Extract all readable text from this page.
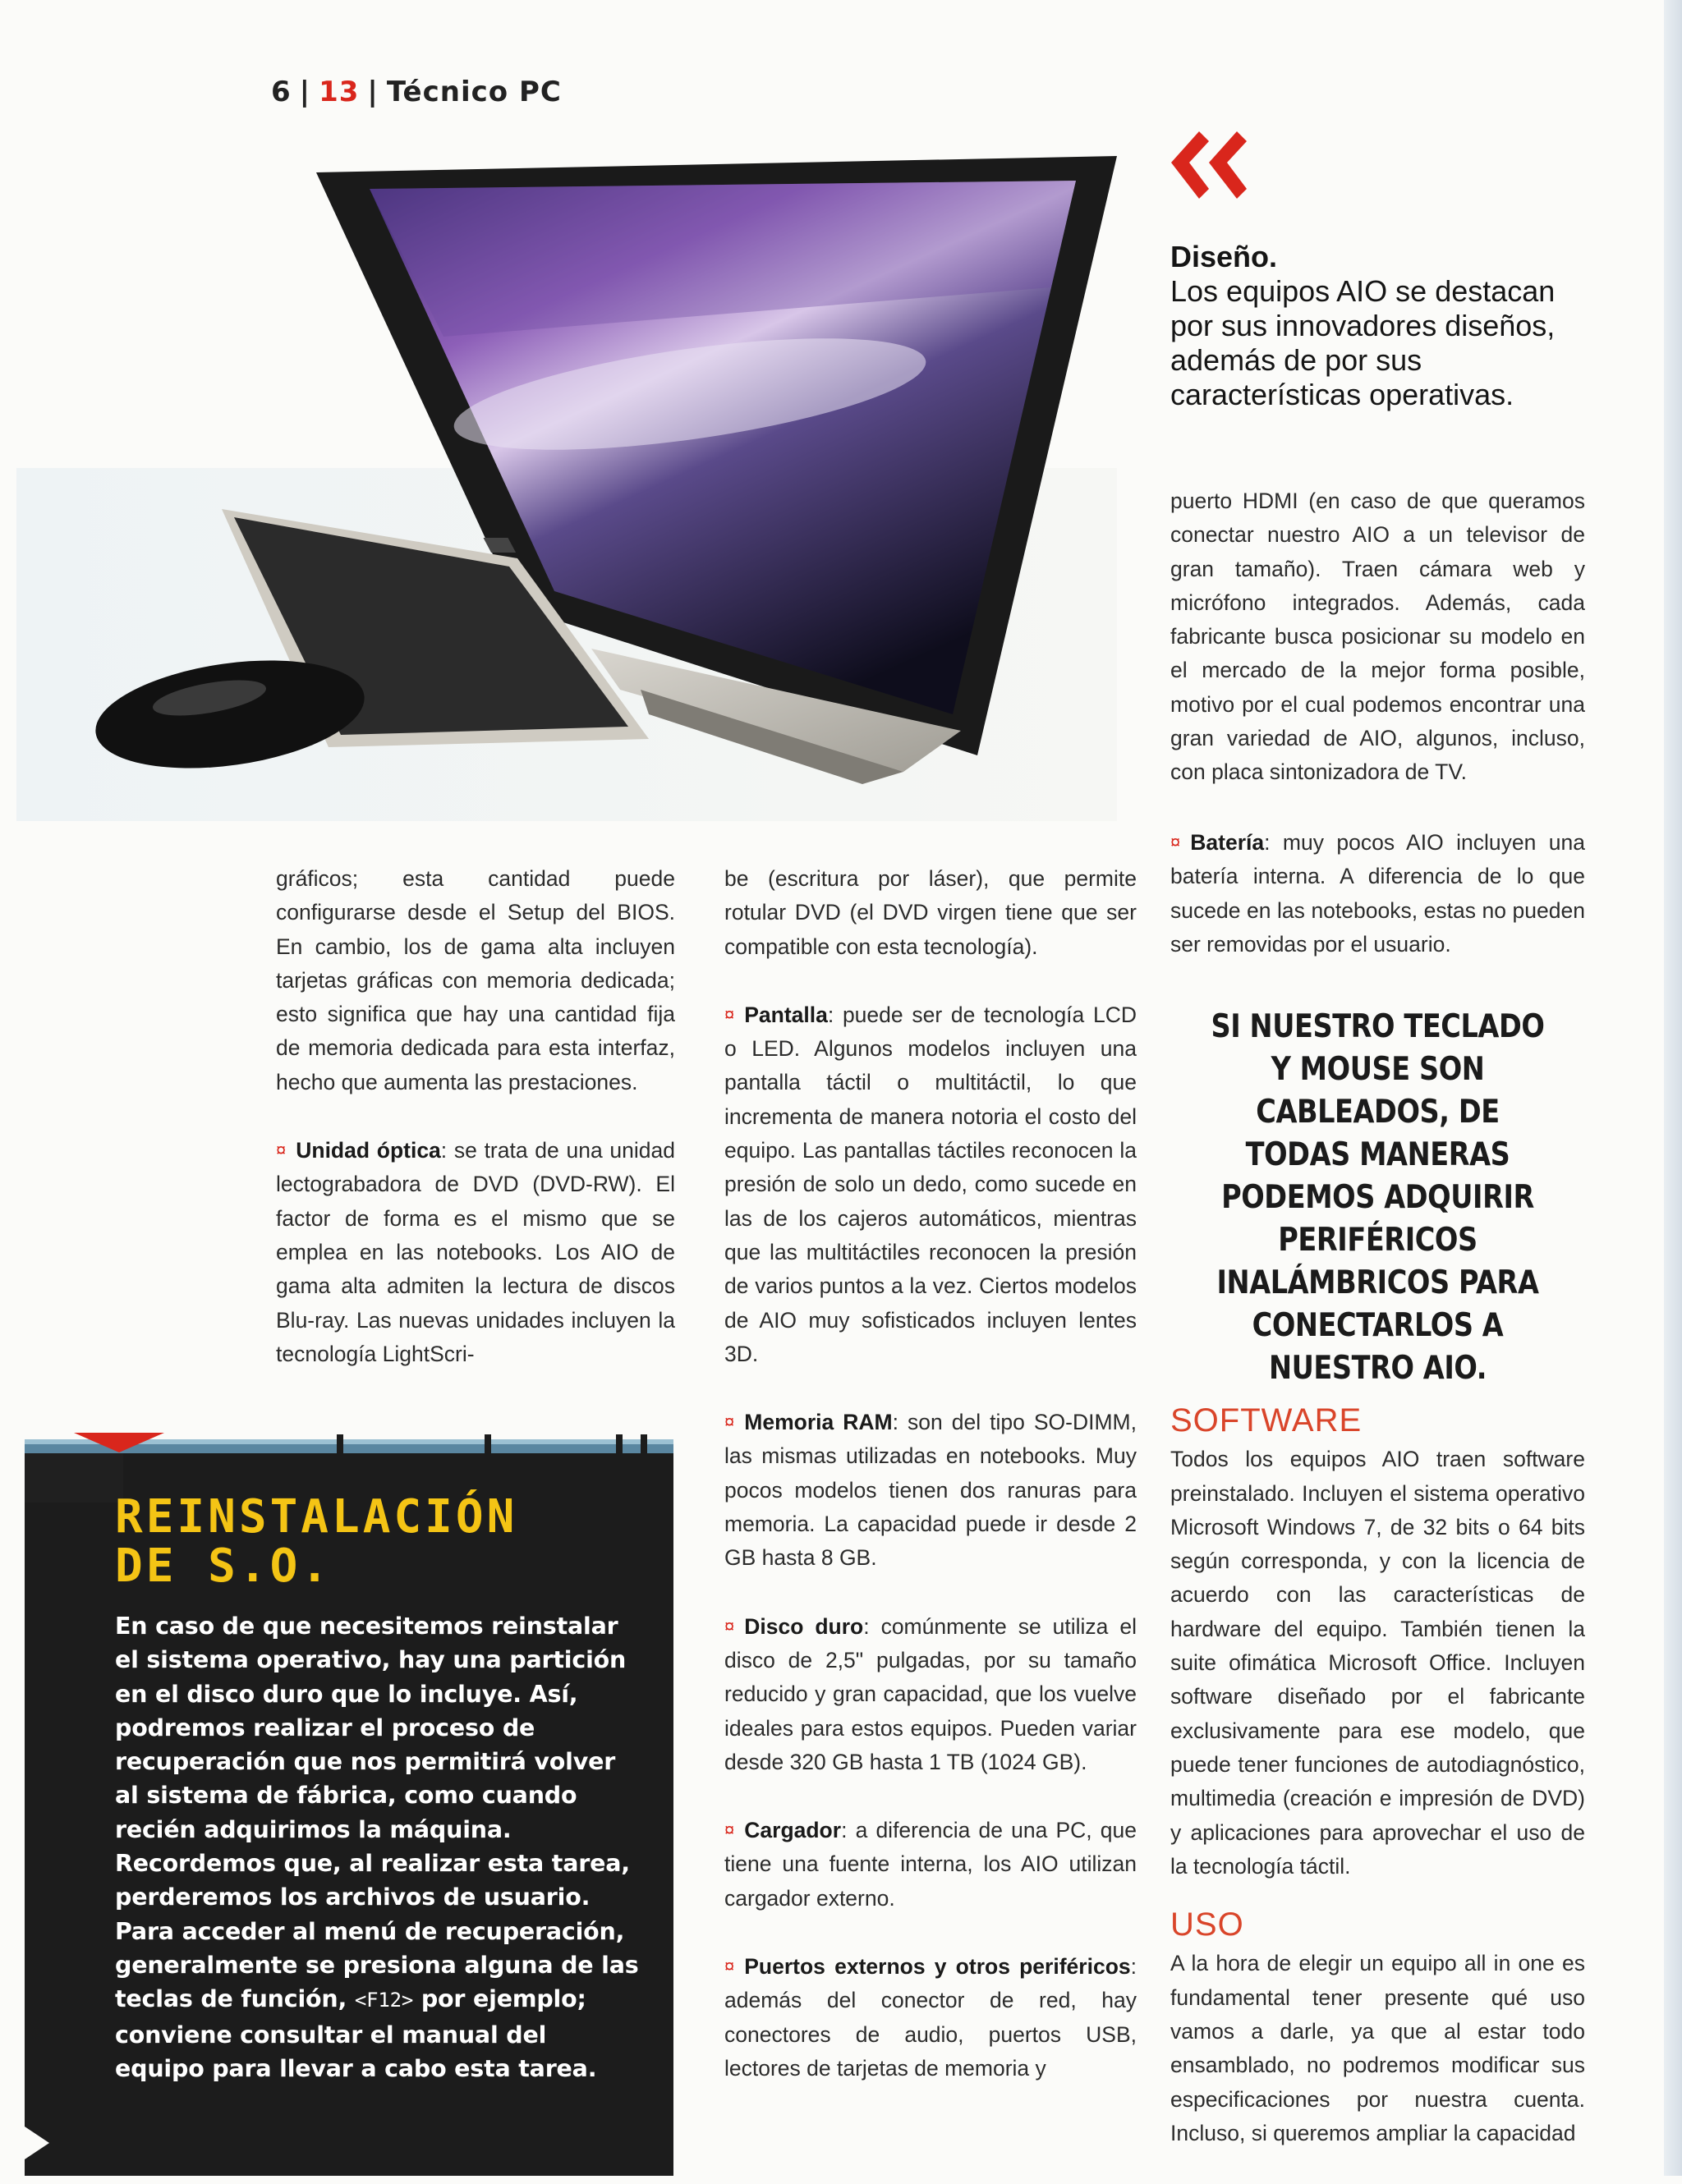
6 | 13 | Técnico PC
Diseño.
Los equipos AIO se destacan por sus innovadores diseños, además de por sus características operativas.

gráficos; esta cantidad puede configurarse desde el Setup del BIOS. En cambio, los de gama alta incluyen tarjetas gráficas con memoria dedicada; esto significa que hay una cantidad fija de memoria dedicada para esta interfaz, hecho que aumenta las prestaciones.

¤ Unidad óptica: se trata de una unidad lectograbadora de DVD (DVD-RW). El factor de forma es el mismo que se emplea en las notebooks. Los AIO de gama alta admiten la lectura de discos Blu-ray. Las nuevas unidades incluyen la tecnología LightScri-

be (escritura por láser), que permite rotular DVD (el DVD virgen tiene que ser compatible con esta tecnología).

¤ Pantalla: puede ser de tecnología LCD o LED. Algunos modelos incluyen una pantalla táctil o multitáctil, lo que incrementa de manera notoria el costo del equipo. Las pantallas táctiles reconocen la presión de solo un dedo, como sucede en las de los cajeros automáticos, mientras que las multitáctiles reconocen la presión de varios puntos a la vez. Ciertos modelos de AIO muy sofisticados incluyen lentes 3D.

¤ Memoria RAM: son del tipo SO-DIMM, las mismas utilizadas en notebooks. Muy pocos modelos tienen dos ranuras para memoria. La capacidad puede ir desde 2 GB hasta 8 GB.

¤ Disco duro: comúnmente se utiliza el disco de 2,5" pulgadas, por su tamaño reducido y gran capacidad, que los vuelve ideales para estos equipos. Pueden variar desde 320 GB hasta 1 TB (1024 GB).

¤ Cargador: a diferencia de una PC, que tiene una fuente interna, los AIO utilizan cargador externo.

¤ Puertos externos y otros periféricos: además del conector de red, hay conectores de audio, puertos USB, lectores de tarjetas de memoria y

puerto HDMI (en caso de que queramos conectar nuestro AIO a un televisor de gran tamaño). Traen cámara web y micrófono integrados. Además, cada fabricante busca posicionar su modelo en el mercado de la mejor forma posible, motivo por el cual podemos encontrar una gran variedad de AIO, algunos, incluso, con placa sintonizadora de TV.

¤ Batería: muy pocos AIO incluyen una batería interna. A diferencia de lo que sucede en las notebooks, estas no pueden ser removidas por el usuario.

SI NUESTRO TECLADO Y MOUSE SON CABLEADOS, DE TODAS MANERAS PODEMOS ADQUIRIR PERIFÉRICOS INALÁMBRICOS PARA CONECTARLOS A NUESTRO AIO.
SOFTWARE

Todos los equipos AIO traen software preinstalado. Incluyen el sistema operativo Microsoft Windows 7, de 32 bits o 64 bits según corresponda, y con la licencia de acuerdo con las características de hardware del equipo. También tienen la suite ofimática Microsoft Office. Incluyen software diseñado por el fabricante exclusivamente para ese modelo, que puede tener funciones de autodiagnóstico, multimedia (creación e impresión de DVD) y aplicaciones para aprovechar el uso de la tecnología táctil.

USO

A la hora de elegir un equipo all in one es fundamental tener presente qué uso vamos a darle, ya que al estar todo ensamblado, no podremos modificar sus especificaciones por nuestra cuenta. Incluso, si queremos ampliar la capacidad

REINSTALACIÓN
DE S.O.
En caso de que necesitemos reinstalar el sistema operativo, hay una partición en el disco duro que lo incluye. Así, podremos realizar el proceso de recuperación que nos permitirá volver al sistema de fábrica, como cuando recién adquirimos la máquina. Recordemos que, al realizar esta tarea, perderemos los archivos de usuario. Para acceder al menú de recuperación, generalmente se presiona alguna de las teclas de función, <F12> por ejemplo; conviene consultar el manual del equipo para llevar a cabo esta tarea.
